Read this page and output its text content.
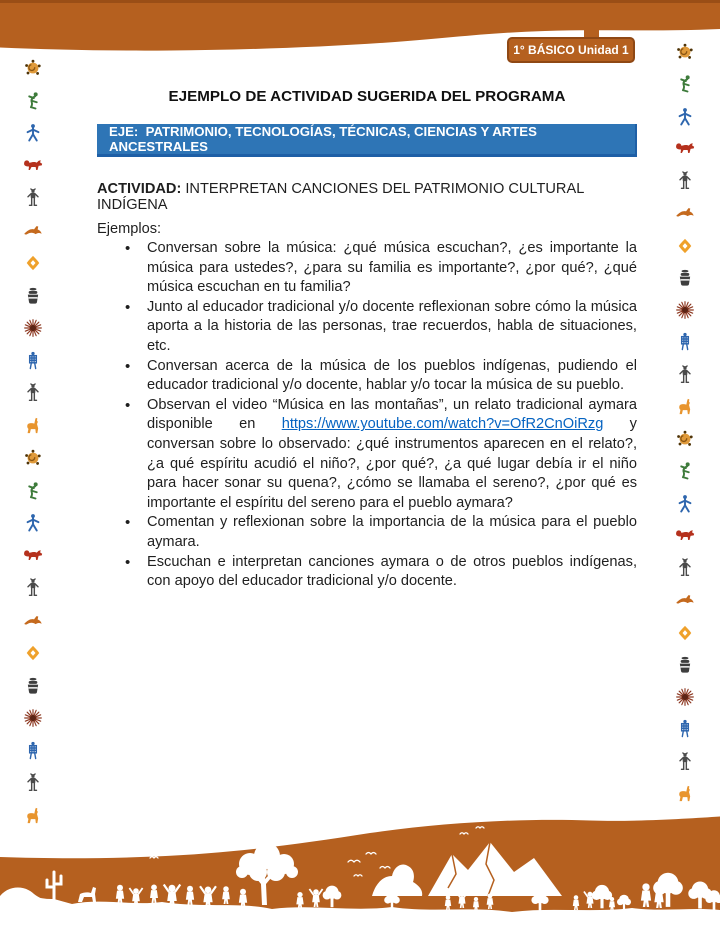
1° BÁSICO Unidad 1
EJEMPLO DE ACTIVIDAD SUGERIDA DEL PROGRAMA
EJE:  PATRIMONIO, TECNOLOGÍAS, TÉCNICAS, CIENCIAS Y ARTES ANCESTRALES

ACTIVIDAD: INTERPRETAN CANCIONES DEL PATRIMONIO CULTURAL INDÍGENA

Ejemplos:

• Conversan sobre la música: ¿qué música escuchan?, ¿es importante la música para ustedes?, ¿para su familia es importante?, ¿por qué?, ¿qué música escuchan en tu familia?
• Junto al educador tradicional y/o docente reflexionan sobre cómo la música aporta a la historia de las personas, trae recuerdos, habla de situaciones, etc.
• Conversan acerca de la música de los pueblos indígenas, pudiendo el educador tradicional y/o docente, hablar y/o tocar la música de su pueblo.
• Observan el video “Música en las montañas”, un relato tradicional aymara disponible en https://www.youtube.com/watch?v=OfR2CnOiRzg y conversan sobre lo observado: ¿qué instrumentos aparecen en el relato?, ¿a qué espíritu acudió el niño?, ¿por qué?, ¿a qué lugar debía ir el niño para hacer sonar su quena?, ¿cómo se llamaba el sereno?, ¿por qué es importante el espíritu del sereno para el pueblo aymara?
• Comentan y reflexionan sobre la importancia de la música para el pueblo aymara.
• Escuchan e interpretan canciones aymara o de otros pueblos indígenas, con apoyo del educador tradicional y/o docente.
